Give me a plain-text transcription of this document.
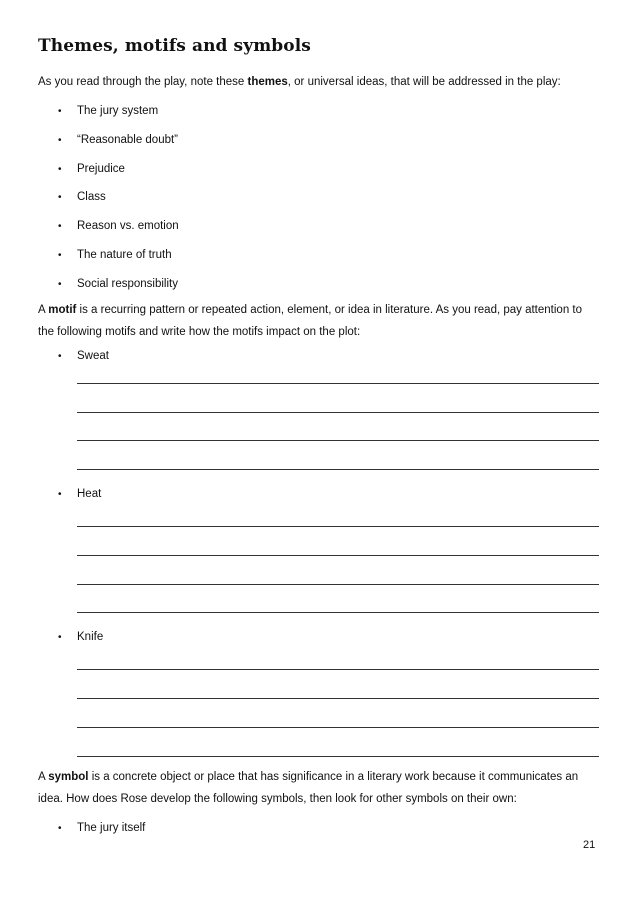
Themes, motifs and symbols

As you read through the play, note these themes, or universal ideas, that will be addressed in the play:

• The jury system
• “Reasonable doubt”
• Prejudice
• Class
• Reason vs. emotion
• The nature of truth
• Social responsibility

A motif is a recurring pattern or repeated action, element, or idea in literature. As you read, pay attention to the following motifs and write how the motifs impact on the plot:

• Sweat
• Heat
• Knife

A symbol is a concrete object or place that has significance in a literary work because it communicates an idea. How does Rose develop the following symbols, then look for other symbols on their own:

• The jury itself
21
